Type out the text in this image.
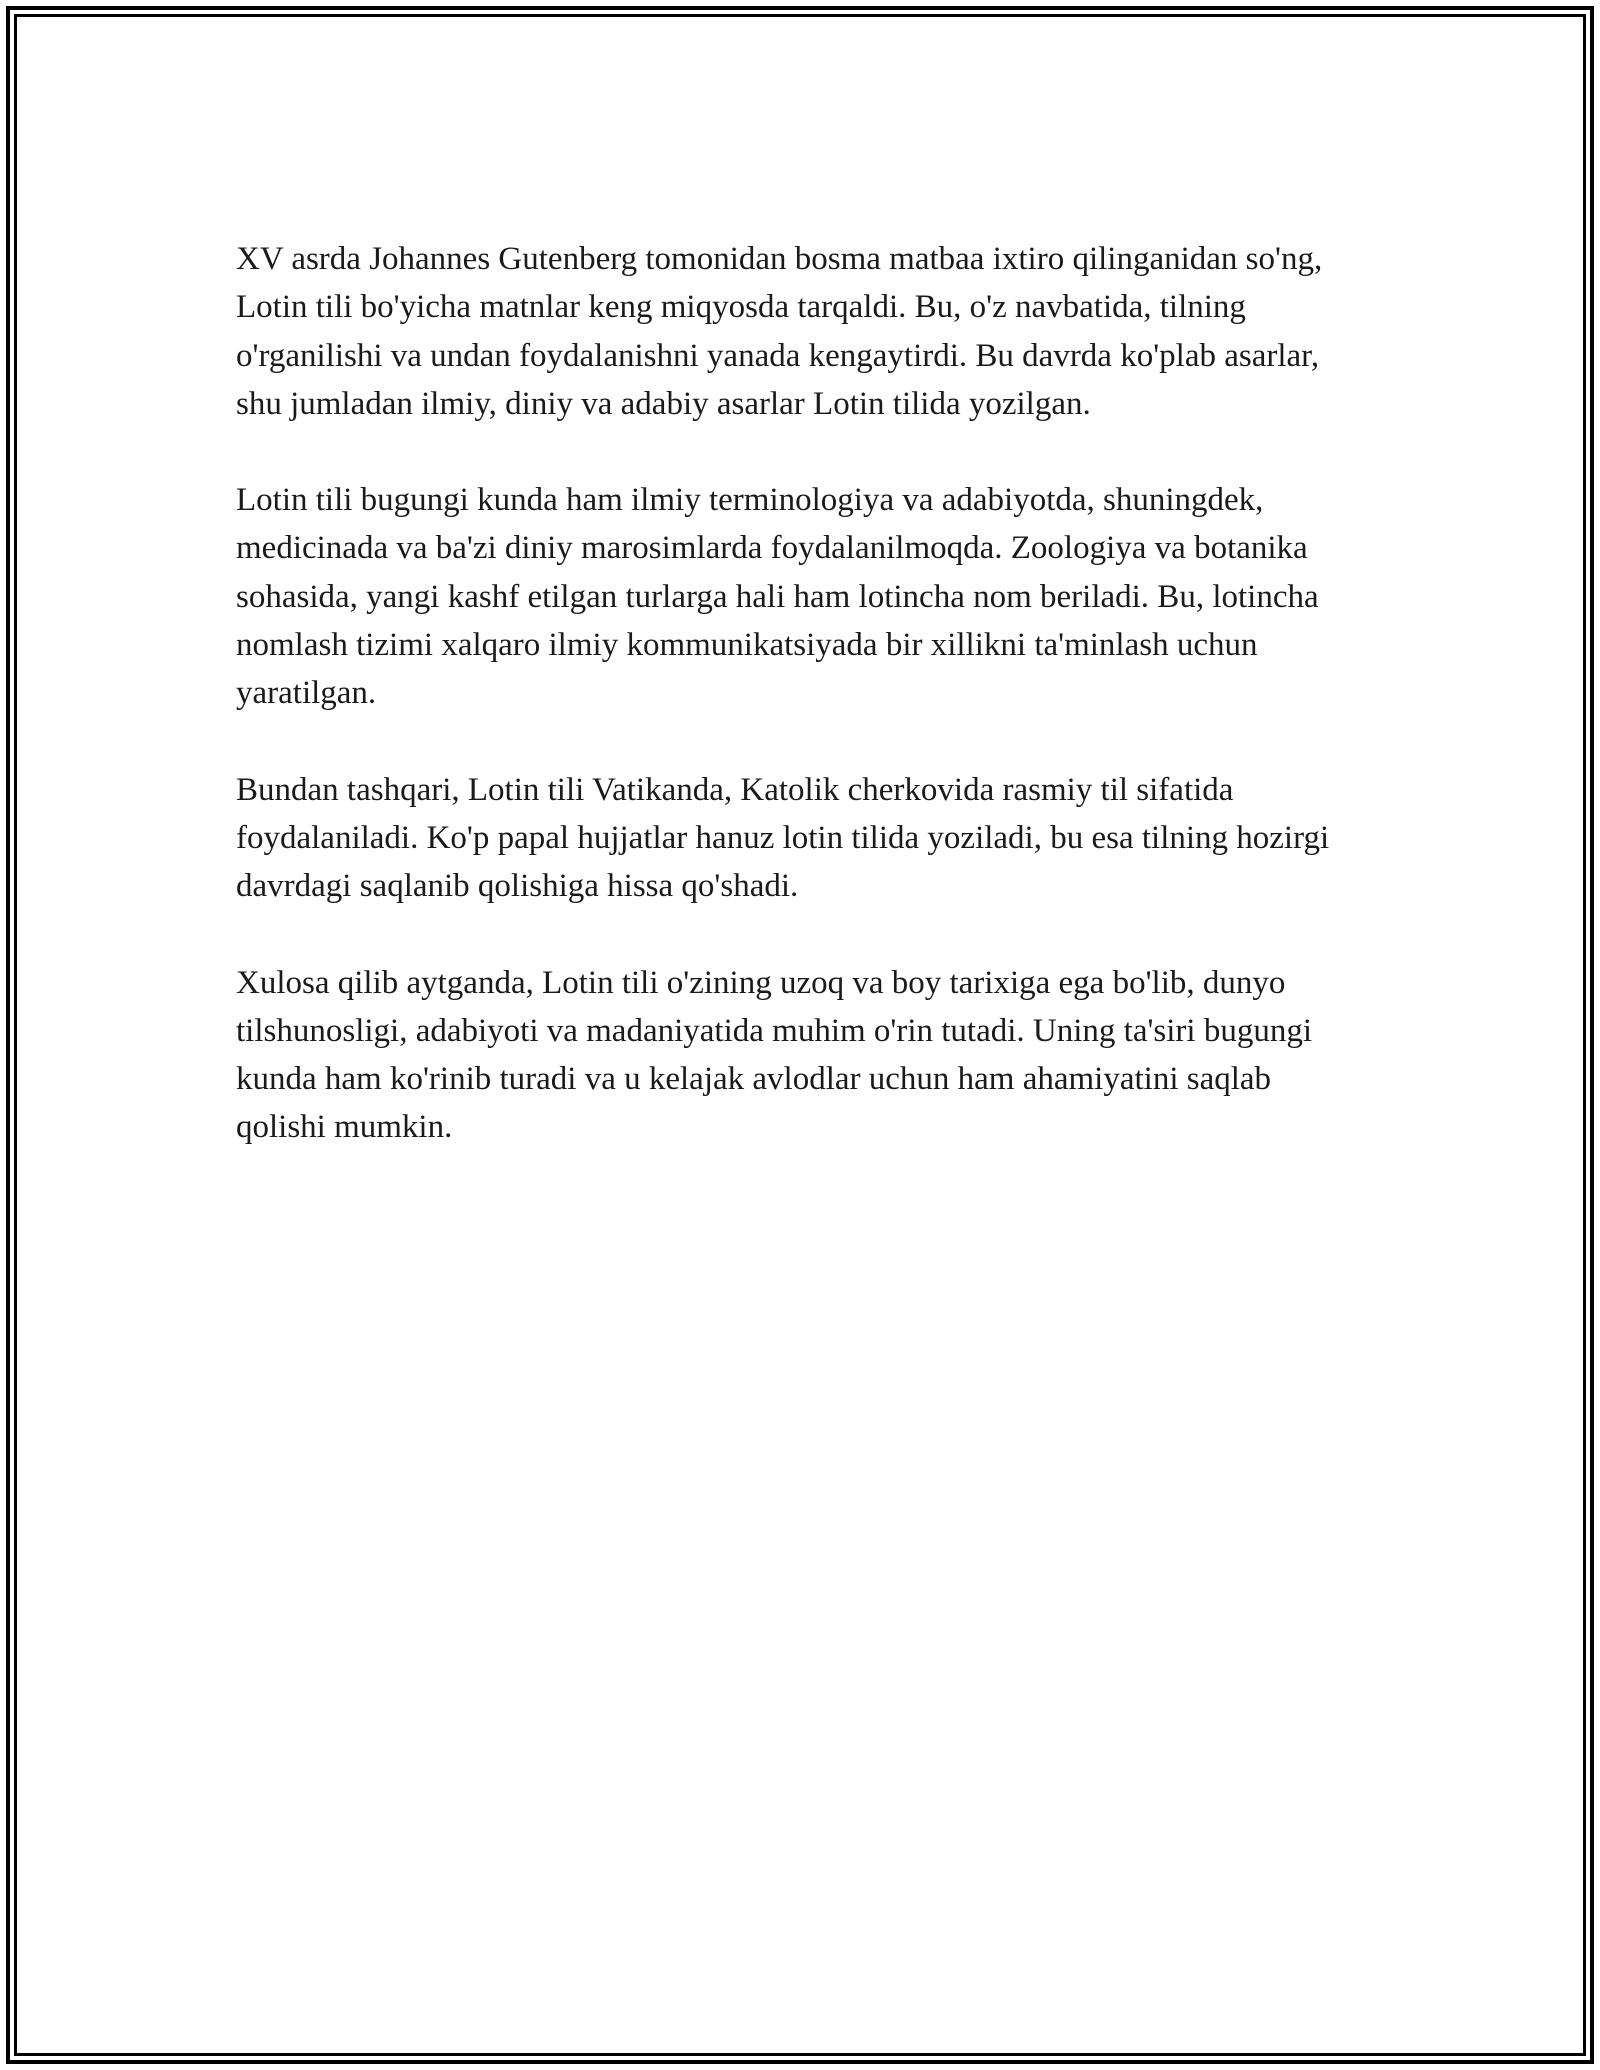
XV asrda Johannes Gutenberg tomonidan bosma matbaa ixtiro qilinganidan so'ng, Lotin tili bo'yicha matnlar keng miqyosda tarqaldi. Bu, o'z navbatida, tilning o'rganilishi va undan foydalanishni yanada kengaytirdi. Bu davrda ko'plab asarlar, shu jumladan ilmiy, diniy va adabiy asarlar Lotin tilida yozilgan.

Lotin tili bugungi kunda ham ilmiy terminologiya va adabiyotda, shuningdek, medicinada va ba'zi diniy marosimlarda foydalanilmoqda. Zoologiya va botanika sohasida, yangi kashf etilgan turlarga hali ham lotincha nom beriladi. Bu, lotincha nomlash tizimi xalqaro ilmiy kommunikatsiyada bir xillikni ta'minlash uchun yaratilgan.

Bundan tashqari, Lotin tili Vatikanda, Katolik cherkovida rasmiy til sifatida foydalaniladi. Ko'p papal hujjatlar hanuz lotin tilida yoziladi, bu esa tilning hozirgi davrdagi saqlanib qolishiga hissa qo'shadi.

Xulosa qilib aytganda, Lotin tili o'zining uzoq va boy tarixiga ega bo'lib, dunyo tilshunosligi, adabiyoti va madaniyatida muhim o'rin tutadi. Uning ta'siri bugungi kunda ham ko'rinib turadi va u kelajak avlodlar uchun ham ahamiyatini saqlab qolishi mumkin.
